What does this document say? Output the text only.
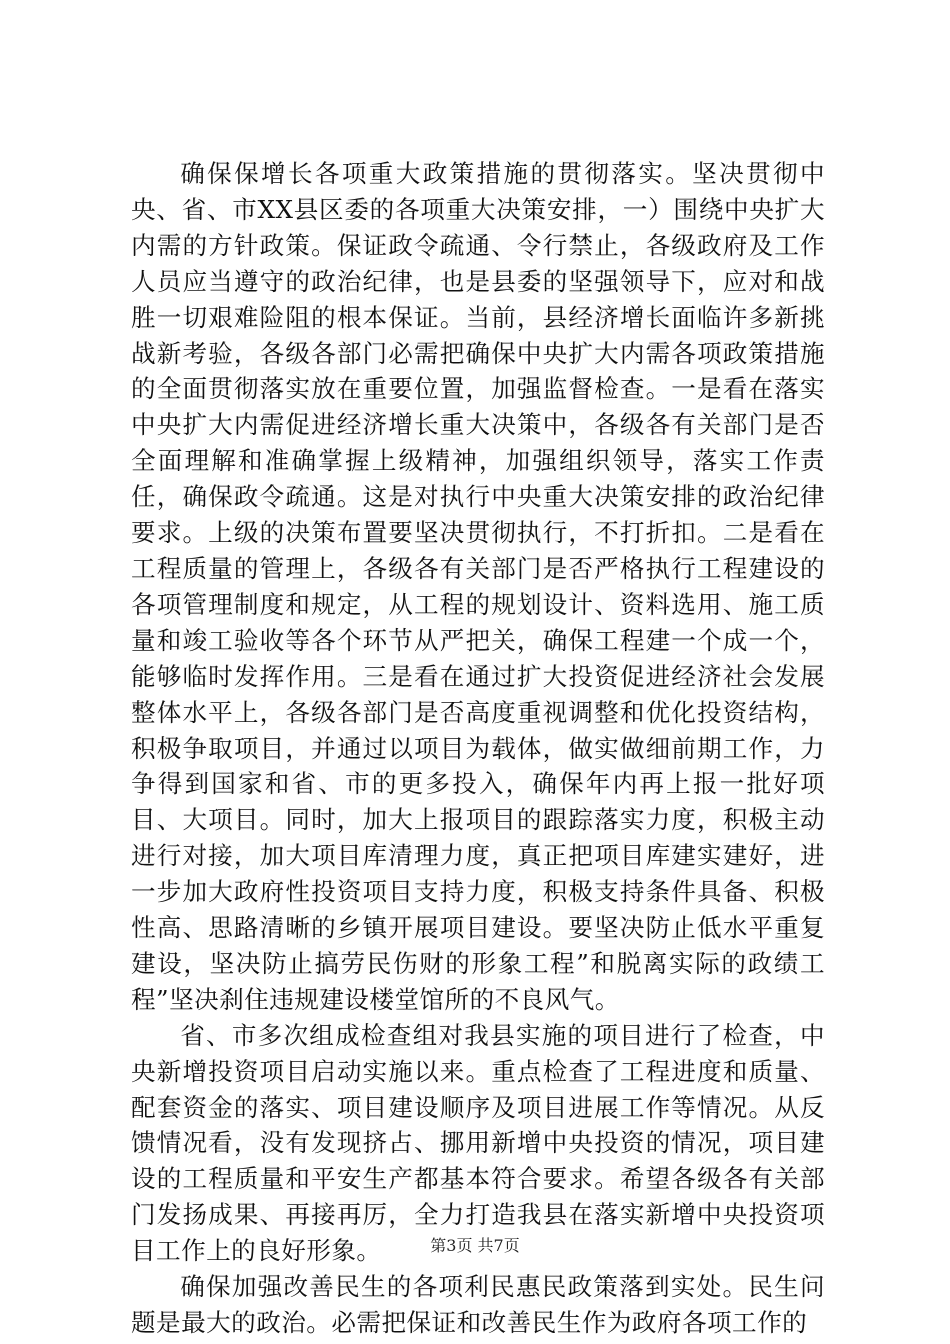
确保保增长各项重大政策措施的贯彻落实。坚决贯彻中央、省、市XX县区委的各项重大决策安排，一）围绕中央扩大内需的方针政策。保证政令疏通、令行禁止，各级政府及工作人员应当遵守的政治纪律，也是县委的坚强领导下，应对和战胜一切艰难险阻的根本保证。当前，县经济增长面临许多新挑战新考验，各级各部门必需把确保中央扩大内需各项政策措施的全面贯彻落实放在重要位置，加强监督检查。一是看在落实中央扩大内需促进经济增长重大决策中，各级各有关部门是否全面理解和准确掌握上级精神，加强组织领导，落实工作责任，确保政令疏通。这是对执行中央重大决策安排的政治纪律要求。上级的决策布置要坚决贯彻执行，不打折扣。二是看在工程质量的管理上，各级各有关部门是否严格执行工程建设的各项管理制度和规定，从工程的规划设计、资料选用、施工质量和竣工验收等各个环节从严把关，确保工程建一个成一个，能够临时发挥作用。三是看在通过扩大投资促进经济社会发展整体水平上，各级各部门是否高度重视调整和优化投资结构，积极争取项目，并通过以项目为载体，做实做细前期工作，力争得到国家和省、市的更多投入，确保年内再上报一批好项目、大项目。同时，加大上报项目的跟踪落实力度，积极主动进行对接，加大项目库清理力度，真正把项目库建实建好，进一步加大政府性投资项目支持力度，积极支持条件具备、积极性高、思路清晰的乡镇开展项目建设。要坚决防止低水平重复建设，坚决防止搞劳民伤财的形象工程”和脱离实际的政绩工程”坚决刹住违规建设楼堂馆所的不良风气。

省、市多次组成检查组对我县实施的项目进行了检查，中央新增投资项目启动实施以来。重点检查了工程进度和质量、配套资金的落实、项目建设顺序及项目进展工作等情况。从反馈情况看，没有发现挤占、挪用新增中央投资的情况，项目建设的工程质量和平安生产都基本符合要求。希望各级各有关部门发扬成果、再接再厉，全力打造我县在落实新增中央投资项目工作上的良好形象。

确保加强改善民生的各项利民惠民政策落到实处。民生问题是最大的政治。必需把保证和改善民生作为政府各项工作的

第3页 共7页
